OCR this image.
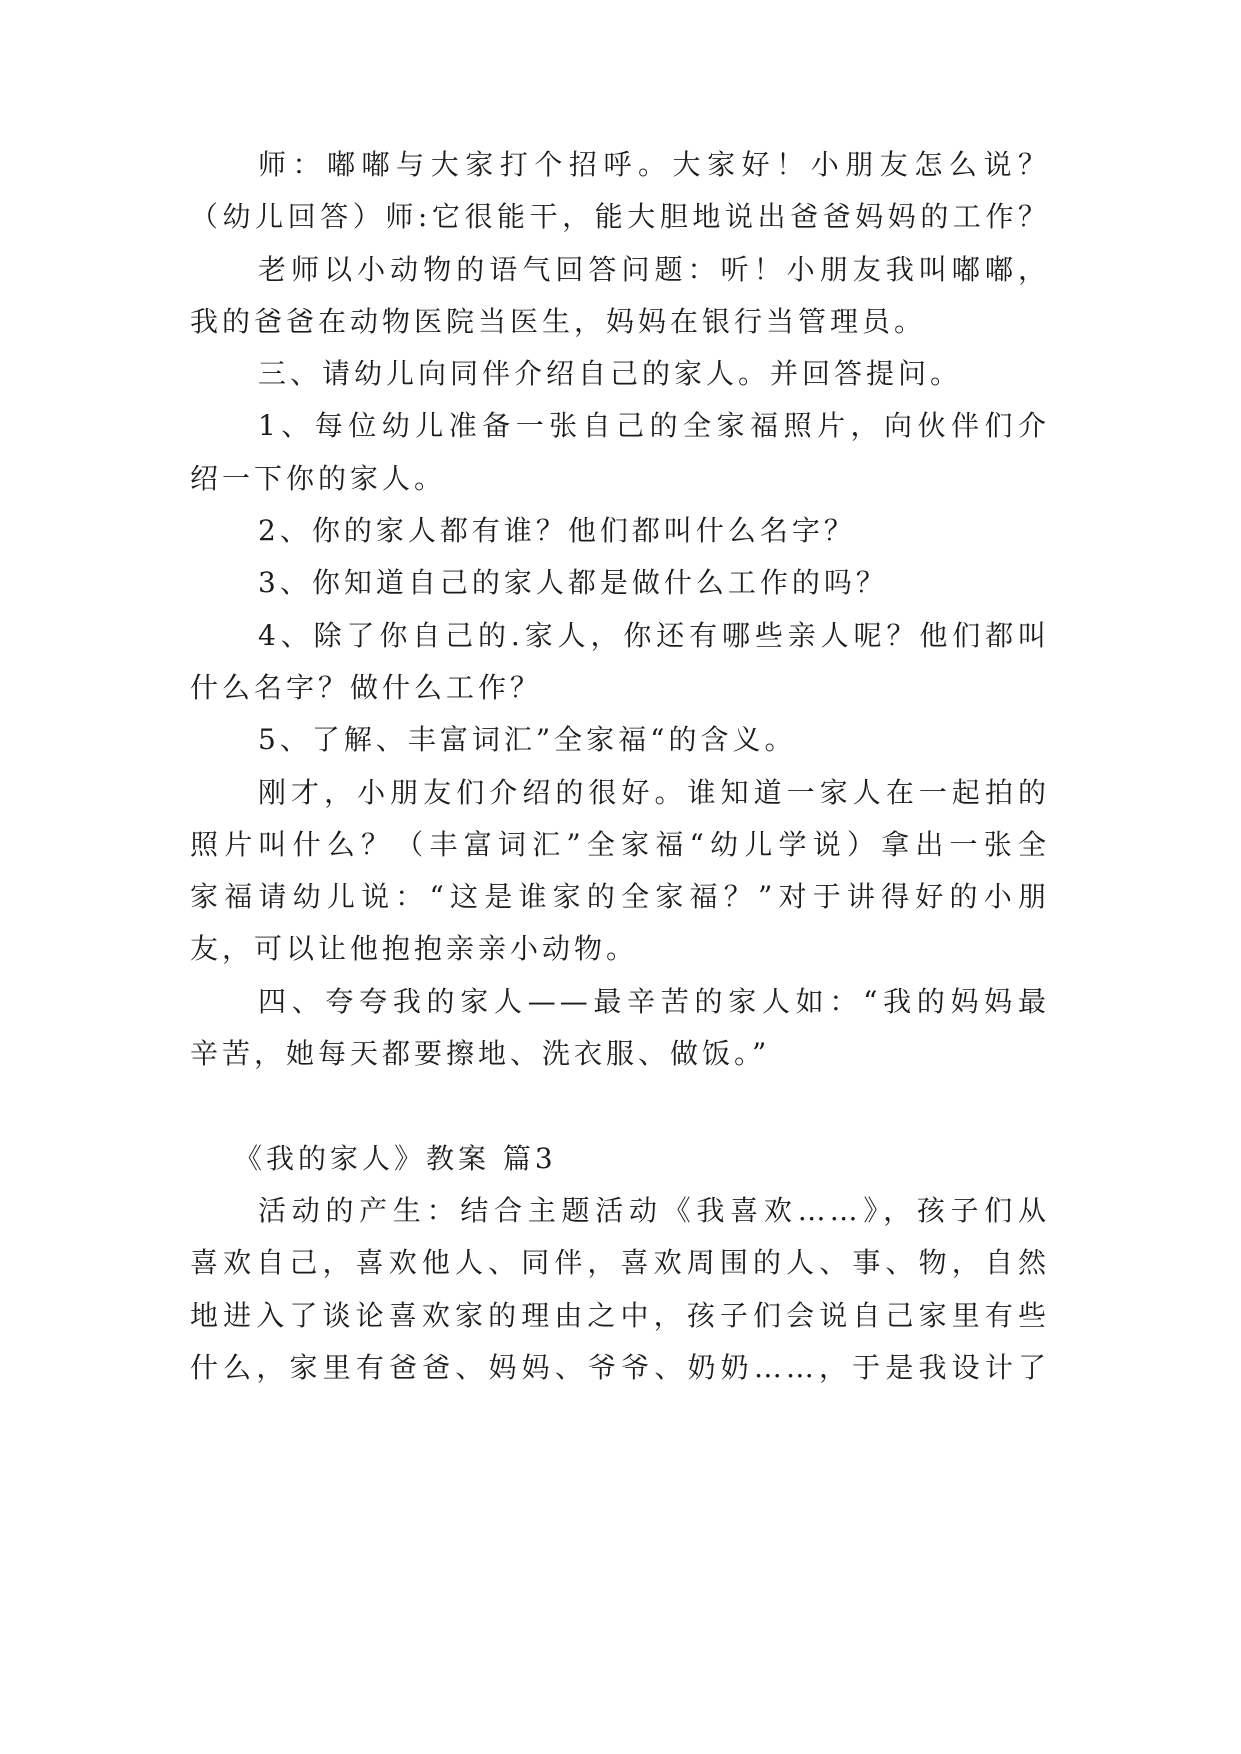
师：嘟嘟与大家打个招呼。大家好！小朋友怎么说？
（幼儿回答）师:它很能干，能大胆地说出爸爸妈妈的工作？
老师以小动物的语气回答问题：听！小朋友我叫嘟嘟，
我的爸爸在动物医院当医生，妈妈在银行当管理员。
三、请幼儿向同伴介绍自己的家人。并回答提问。
1、每位幼儿准备一张自己的全家福照片，向伙伴们介
绍一下你的家人。
2、你的家人都有谁？他们都叫什么名字？
3、你知道自己的家人都是做什么工作的吗？
4、除了你自己的.家人，你还有哪些亲人呢？他们都叫
什么名字？做什么工作？
5、了解、丰富词汇”全家福“的含义。
刚才，小朋友们介绍的很好。谁知道一家人在一起拍的
照片叫什么？（丰富词汇”全家福“幼儿学说）拿出一张全
家福请幼儿说：“这是谁家的全家福？”对于讲得好的小朋
友，可以让他抱抱亲亲小动物。
四、夸夸我的家人——最辛苦的家人如：“我的妈妈最
辛苦，她每天都要擦地、洗衣服、做饭。”
《我的家人》教案 篇3
活动的产生：结合主题活动《我喜欢……》，孩子们从
喜欢自己，喜欢他人、同伴，喜欢周围的人、事、物，自然
地进入了谈论喜欢家的理由之中，孩子们会说自己家里有些
什么，家里有爸爸、妈妈、爷爷、奶奶……，于是我设计了
